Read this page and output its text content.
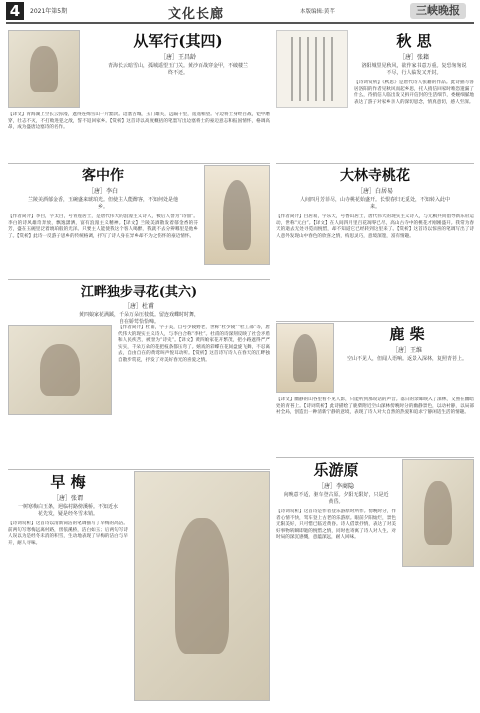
4	2021年第5期	文化长廊	本版编辑:黄芊	三峡晚报
从军行(其四)
［唐］王昌龄
青海长云暗雪山，孤城遥望玉门关。黄沙百战穿金甲，不破楼兰终不还。
【译文】青海湖上空长云弥漫，遮得连绵雪山一片黯淡。边塞古城，玉门雄关，远隔千里，遥遥相望。守边将士身经百战，铠甲磨穿，壮志不灭，不打败进犯之敌，誓不返回家乡。【赏析】这首诗以高度概括的笔墨写出边塞将士的豪迈意志和报国情怀，格调高昂，成为盛唐边塞诗的名作。
客中作
［唐］李白
兰陵美酒郁金香，玉碗盛来琥珀光。但使主人能醉客，不知何处是他乡。
【作者简介】李白，字太白，号青莲居士，是唐代伟大的浪漫主义诗人，被后人誉为“诗仙”。李白的诗风雄奇奔放，飘逸潇洒，富有浪漫主义精神。【译文】兰陵美酒散发着郁金香的芬芳，盛在玉碗里泛着琥珀般的光泽。只要主人能使我这个客人喝醉，我就不去分辨哪里是他乡了。【赏析】此诗一反游子思乡的传统格调，抒写了诗人身在异乡却不为之伤怀的豪迈情怀。
江畔独步寻花(其六)
［唐］杜甫
黄四娘家花满蹊，千朵万朵压枝低。留连戏蝶时时舞，自在娇莺恰恰啼。
【作者简介】杜甫，字子美，自号少陵野老，世称“杜少陵”“杜工部”等，唐代伟大的现实主义诗人，与李白合称“李杜”。杜甫的诗深刻反映了社会矛盾和人民疾苦，被誉为“诗史”。【译文】黄四娘家花开繁茂，把小路遮得严严实实，千朵万朵的花把枝条都压弯了。嬉戏的彩蝶在花间盘旋飞舞，不忍离去，自由自在的黄莺叫声悦耳动听。【赏析】这首诗写诗人在春天的江畔独自散步赏花，抒发了对美好春光的喜爱之情。
早 梅
［唐］张谓
一树寒梅白玉条，迥临村路傍溪桥。不知近水花先发，疑是经冬雪未销。
【诗词赏析】这首诗以清新简洁的笔调描写了早梅的高洁。前两句写寒梅远离村路，傍依溪桥，洁白如玉；后两句写诗人误以为是经冬未消的积雪，生动地表现了早梅的洁白与早开，耐人寻味。
秋 思
［唐］张籍
洛阳城里见秋风，欲作家书意万重。复恐匆匆说不尽，行人临发又开封。
【诗词赏析】《秋思》是唐代诗人张籍的作品。此诗描写客居洛阳的作者见秋风而起乡思，托人捎信回家时唯恐遗漏了什么，待捎信人临出发又拆开信封的生活细节，委婉细腻地表达了游子对家乡亲人的深切思念，情真意切，感人至深。
大林寺桃花
［唐］白居易
人间四月芳菲尽，山寺桃花始盛开。长恨春归无觅处，不知转入此中来。
【作者简介】白居易，字乐天，号香山居士，唐代伟大的现实主义诗人，与元稹共同倡导新乐府运动，世称“元白”。【译文】在人间四月里百花凋零已尽，高山古寺中的桃花才刚刚盛开。我常为春天的逝去无处寻觅而惋惜，却不知道它已经转到这里来了。【赏析】这首诗以惊喜的笔调写出了诗人意外发现山中春色的欣喜之情，构思灵巧，意境深邃，富有情趣。
鹿 柴
［唐］王维
空山不见人，但闻人语响。返景入深林，复照青苔上。
【译文】幽静的山谷里看不见人影，只能听到那说话的声音。落日的余晖映入了深林，又照在幽暗处的青苔上。【诗词赏析】此诗描绘了鹿柴附近空山深林傍晚时分的幽静景色，以动衬静，以局部衬全局，创造出一种清新宁静的意境，表现了诗人对大自然的热爱和追求宁静闲适生活的情趣。
乐游原
［唐］李商隐
向晚意不适，驱车登古原。夕阳无限好，只是近黄昏。
【诗词赏析】这首诗是作者登乐游原时所作。傍晚时分，作者心情不快，驾车登上古老的乐游原。眼前夕阳灿烂，景色无限美好，只可惜已临近黄昏。诗人借景抒情，表达了对美好事物转瞬即逝的惋惜之情，同时也寄寓了诗人对人生、对时局的深沉感慨，意蕴深远，耐人回味。
